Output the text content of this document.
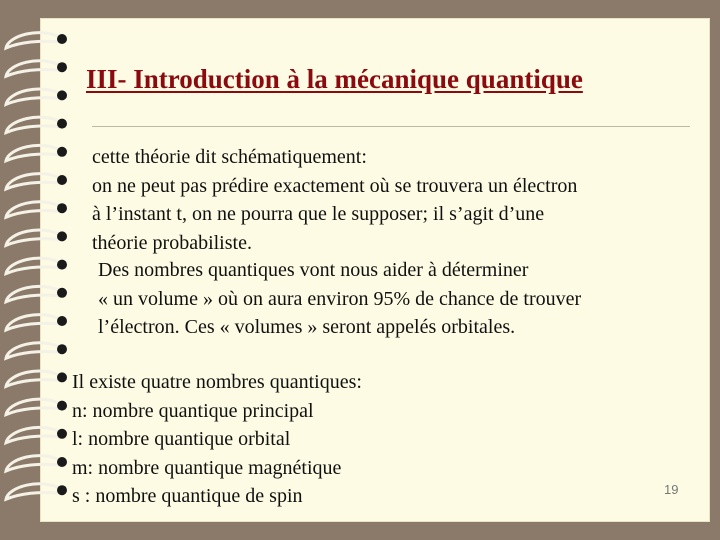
III- Introduction à la mécanique quantique
cette théorie dit schématiquement:
on ne peut pas prédire exactement où se trouvera un électron
à l’instant t, on ne pourra que le supposer; il s’agit d’une
théorie probabiliste.
Des nombres quantiques vont nous aider à déterminer
« un volume » où on aura environ 95% de chance de trouver
l’électron. Ces « volumes » seront appelés orbitales.
Il existe quatre nombres quantiques:
n: nombre quantique principal
l: nombre quantique orbital
m: nombre quantique magnétique
s : nombre quantique de spin	19
